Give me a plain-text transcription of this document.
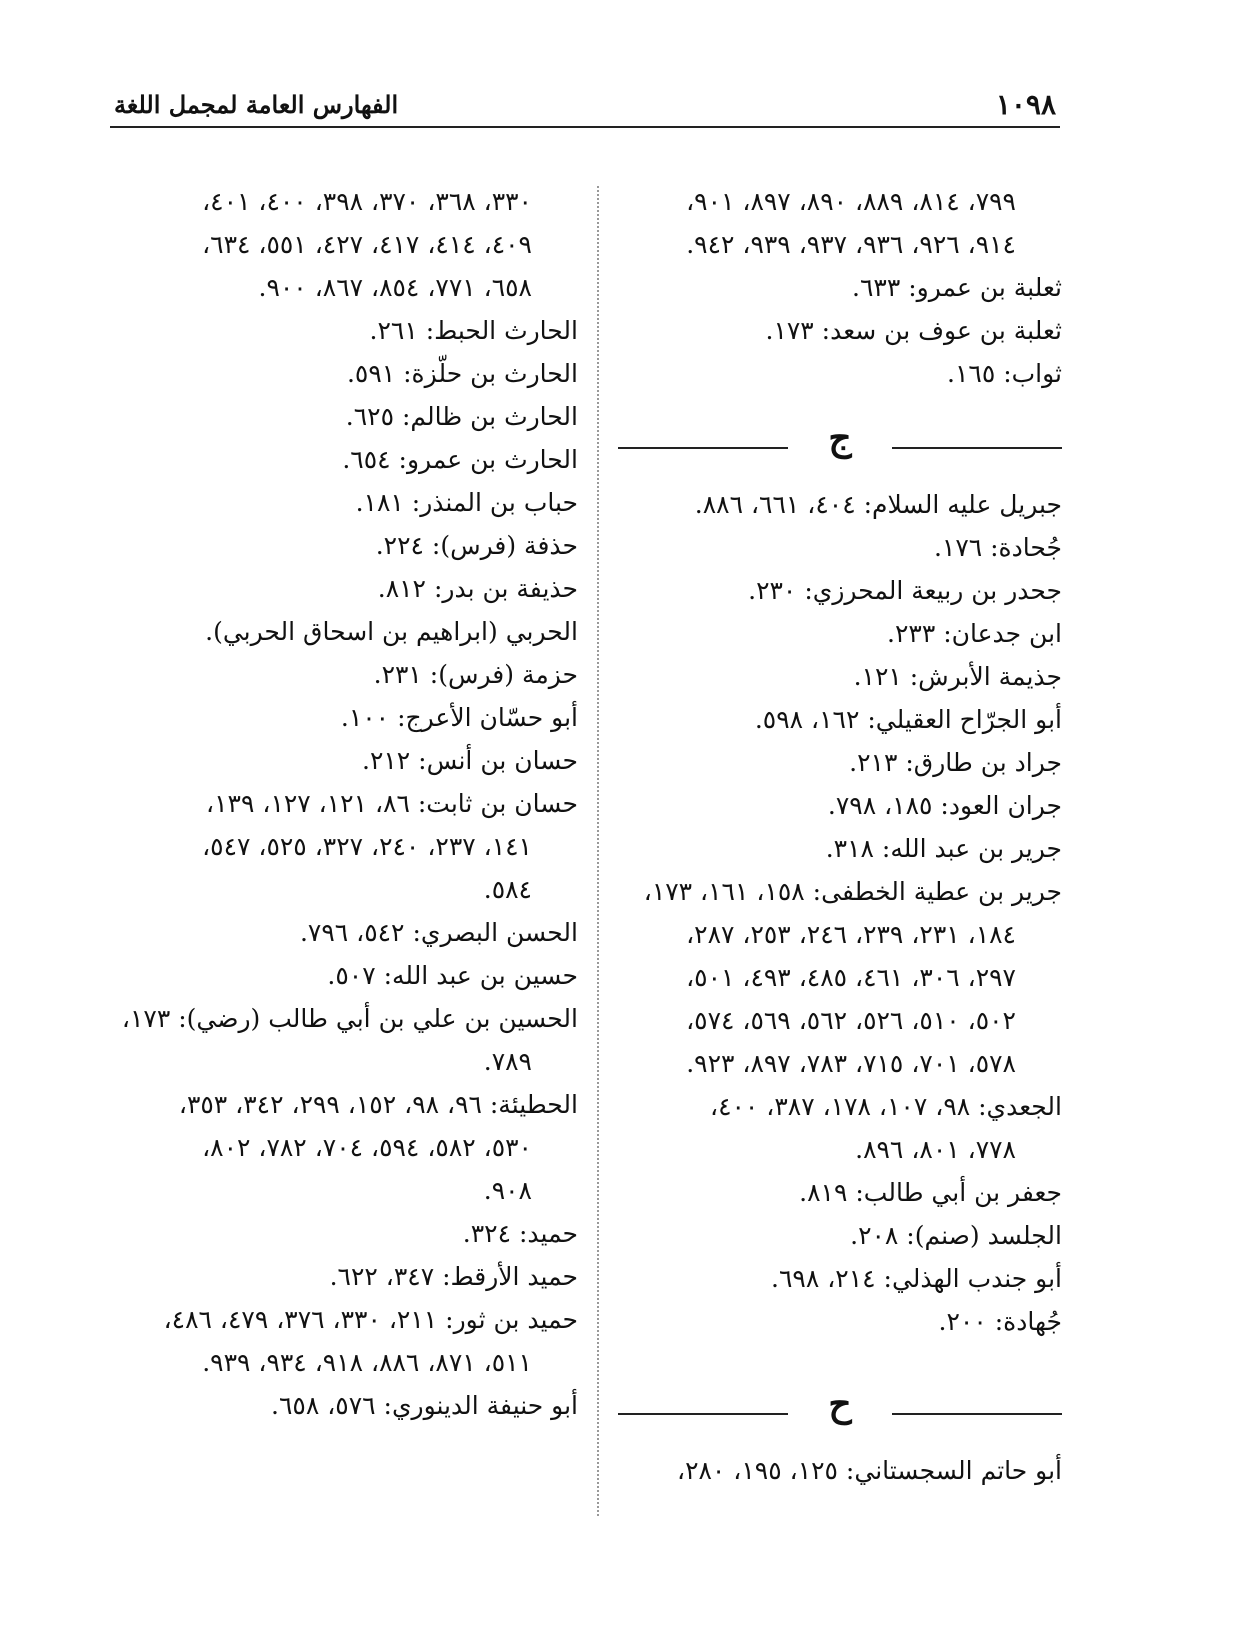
١٠٩٨
الفهارس العامة لمجمل اللغة
٧٩٩، ٨١٤، ٨٨٩، ٨٩٠، ٨٩٧، ٩٠١،
٩١٤، ٩٢٦، ٩٣٦، ٩٣٧، ٩٣٩، ٩٤٢.
ثعلبة بن عمرو: ٦٣٣.
ثعلبة بن عوف بن سعد: ١٧٣.
ثواب: ١٦٥.
ج
جبريل عليه السلام: ٤٠٤، ٦٦١، ٨٨٦.
جُحادة: ١٧٦.
جحدر بن ربيعة المحرزي: ٢٣٠.
ابن جدعان: ٢٣٣.
جذيمة الأبرش: ١٢١.
أبو الجرّاح العقيلي: ١٦٢، ٥٩٨.
جراد بن طارق: ٢١٣.
جران العود: ١٨٥، ٧٩٨.
جرير بن عبد الله: ٣١٨.
جرير بن عطية الخطفى: ١٥٨، ١٦١، ١٧٣،
١٨٤، ٢٣١، ٢٣٩، ٢٤٦، ٢٥٣، ٢٨٧،
٢٩٧، ٣٠٦، ٤٦١، ٤٨٥، ٤٩٣، ٥٠١،
٥٠٢، ٥١٠، ٥٢٦، ٥٦٢، ٥٦٩، ٥٧٤،
٥٧٨، ٧٠١، ٧١٥، ٧٨٣، ٨٩٧، ٩٢٣.
الجعدي: ٩٨، ١٠٧، ١٧٨، ٣٨٧، ٤٠٠،
٧٧٨، ٨٠١، ٨٩٦.
جعفر بن أبي طالب: ٨١٩.
الجلسد (صنم): ٢٠٨.
أبو جندب الهذلي: ٢١٤، ٦٩٨.
جُهادة: ٢٠٠.
ح
أبو حاتم السجستاني: ١٢٥، ١٩٥، ٢٨٠،
٣٣٠، ٣٦٨، ٣٧٠، ٣٩٨، ٤٠٠، ٤٠١،
٤٠٩، ٤١٤، ٤١٧، ٤٢٧، ٥٥١، ٦٣٤،
٦٥٨، ٧٧١، ٨٥٤، ٨٦٧، ٩٠٠.
الحارث الحبط: ٢٦١.
الحارث بن حلّزة: ٥٩١.
الحارث بن ظالم: ٦٢٥.
الحارث بن عمرو: ٦٥٤.
حباب بن المنذر: ١٨١.
حذفة (فرس): ٢٢٤.
حذيفة بن بدر: ٨١٢.
الحربي (ابراهيم بن اسحاق الحربي).
حزمة (فرس): ٢٣١.
أبو حسّان الأعرج: ١٠٠.
حسان بن أنس: ٢١٢.
حسان بن ثابت: ٨٦، ١٢١، ١٢٧، ١٣٩،
١٤١، ٢٣٧، ٢٤٠، ٣٢٧، ٥٢٥، ٥٤٧،
٥٨٤.
الحسن البصري: ٥٤٢، ٧٩٦.
حسين بن عبد الله: ٥٠٧.
الحسين بن علي بن أبي طالب (رضي): ١٧٣،
٧٨٩.
الحطيئة: ٩٦، ٩٨، ١٥٢، ٢٩٩، ٣٤٢، ٣٥٣،
٥٣٠، ٥٨٢، ٥٩٤، ٧٠٤، ٧٨٢، ٨٠٢،
٩٠٨.
حميد: ٣٢٤.
حميد الأرقط: ٣٤٧، ٦٢٢.
حميد بن ثور: ٢١١، ٣٣٠، ٣٧٦، ٤٧٩، ٤٨٦،
٥١١، ٨٧١، ٨٨٦، ٩١٨، ٩٣٤، ٩٣٩.
أبو حنيفة الدينوري: ٥٧٦، ٦٥٨.
